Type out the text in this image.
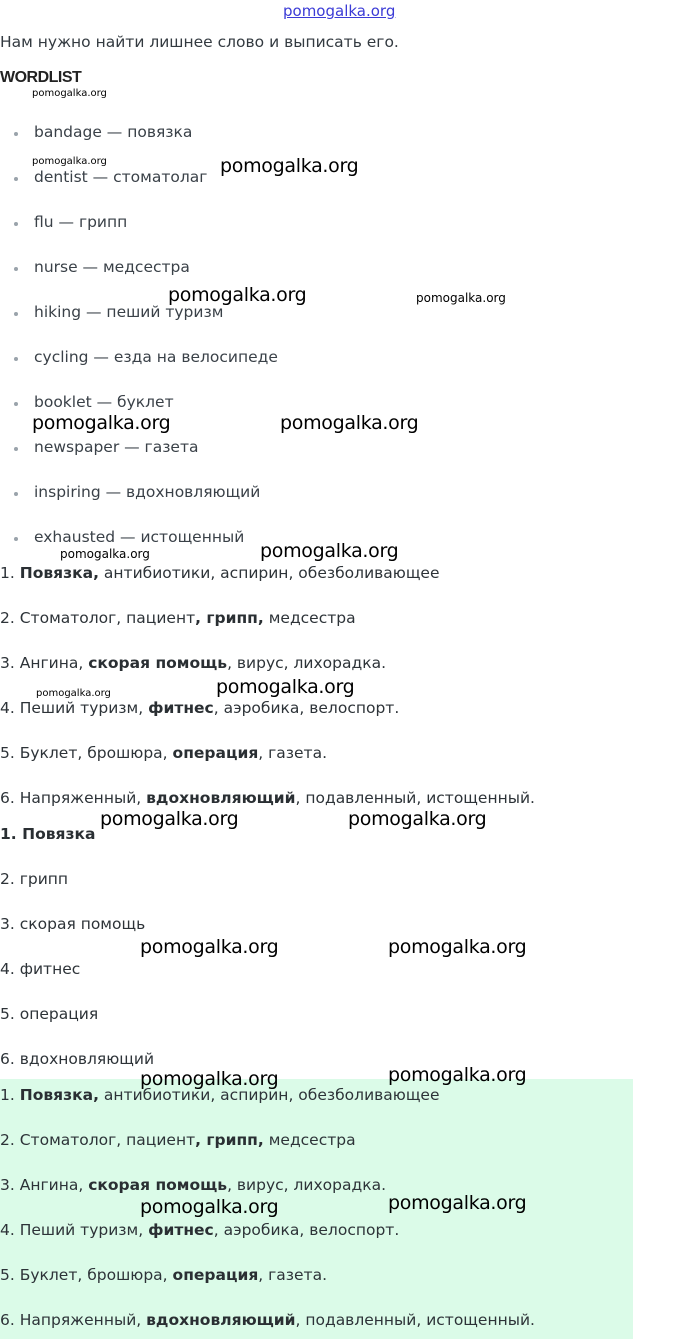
pomogalka.org
Нам нужно найти лишнее слово и выписать его.
WORDLIST
bandage — повязка
dentist — стоматолаг
flu — грипп
nurse — медсестра
hiking — пеший туризм
cycling — езда на велосипеде
booklet — буклет
newspaper — газета
inspiring — вдохновляющий
exhausted — истощенный
1. Повязка, антибиотики, аспирин, обезболивающее
2. Стоматолог, пациент, грипп, медсестра
3. Ангина, скорая помощь, вирус, лихорадка.
4. Пеший туризм, фитнес, аэробика, велоспорт.
5. Буклет, брошюра, операция, газета.
6. Напряженный, вдохновляющий, подавленный, истощенный.
1. Повязка
2. грипп
3. скорая помощь
4. фитнес
5. операция
6. вдохновляющий
1. Повязка, антибиотики, аспирин, обезболивающее
2. Стоматолог, пациент, грипп, медсестра
3. Ангина, скорая помощь, вирус, лихорадка.
4. Пеший туризм, фитнес, аэробика, велоспорт.
5. Буклет, брошюра, операция, газета.
6. Напряженный, вдохновляющий, подавленный, истощенный.
pomogalka.org
pomogalka.org	pomogalka.org
pomogalka.org	pomogalka.org
pomogalka.org	pomogalka.org
pomogalka.org	pomogalka.org
pomogalka.org	pomogalka.org
pomogalka.org	pomogalka.org
pomogalka.org	pomogalka.org
pomogalka.org	pomogalka.org
pomogalka.org	pomogalka.org
